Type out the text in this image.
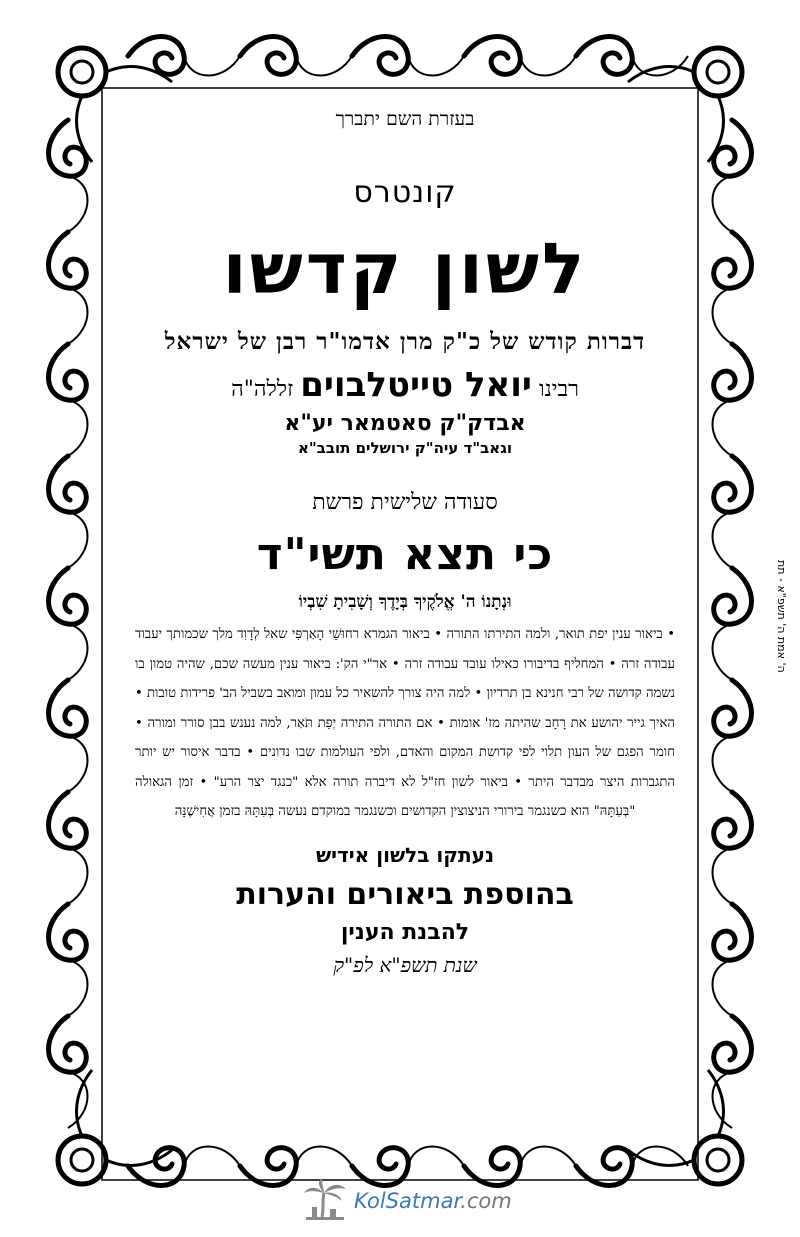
בעזרת השם יתברך
קונטרס
לשון קדשו
דברות קודש של כ"ק מרן אדמו"ר רבן של ישראל
רבינו יואל טייטלבוים זללה"ה
אבדק"ק סאטמאר יע"א
וגאב"ד עיה"ק ירושלים תובב"א
סעודה שלישית פרשת
כי תצא תשי"ד
וּנְתָנוֹ ה' אֱלֹקֶיךָ בְּיָדֶךָ וְשָׁבִיתָ שִׁבְיוֹ
• ביאור ענין יפת תואר, ולמה התירתו התורה • ביאור הגמרא רחוּשֵׁי הָאַרְפִּי שאל לְדָוִד מלך שכמותך יעבוד עבודה זרה • המחליף בדיבורו כאילו עובד עבודה זרה • אר"י הק': ביאור ענין מעשה שכם, שהיה טמון בו נשמה קדושה של רבי חנינא בן תרדיון • למה היה צורך להשאיר כל עמון ומואב בשביל הב' פרידות טובות • האיך גייר יהושע את רָחָב שהיתה מז' אומות • אם התורה התירה יְפַת תֹּאַר, למה נענש בבן סורר ומורה • חומר הפגם של העון תלוי לפי קדושת המקום והאדם, ולפי העולמות שבו נדונים • בדבר איסור יש יותר התגברות היצר מבדבר היתר • ביאור לשון חז"ל לא דיברה תורה אלא "כנגד יצר הרע" • זמן הגאולה "בְּעִתָּהּ" הוא כשנגמר בירורי הניצוצין הקדושים וכשנגמר במוקדם נעשה בְּעִתָּהּ בזמן אֲחִישֶׁנָּה
נעתקו בלשון אידיש
בהוספת ביאורים והערות
להבנת הענין
שנת תשפ"א לפ"ק
ה' אמת ה' תשפ"א - תת
KolSatmar.com
